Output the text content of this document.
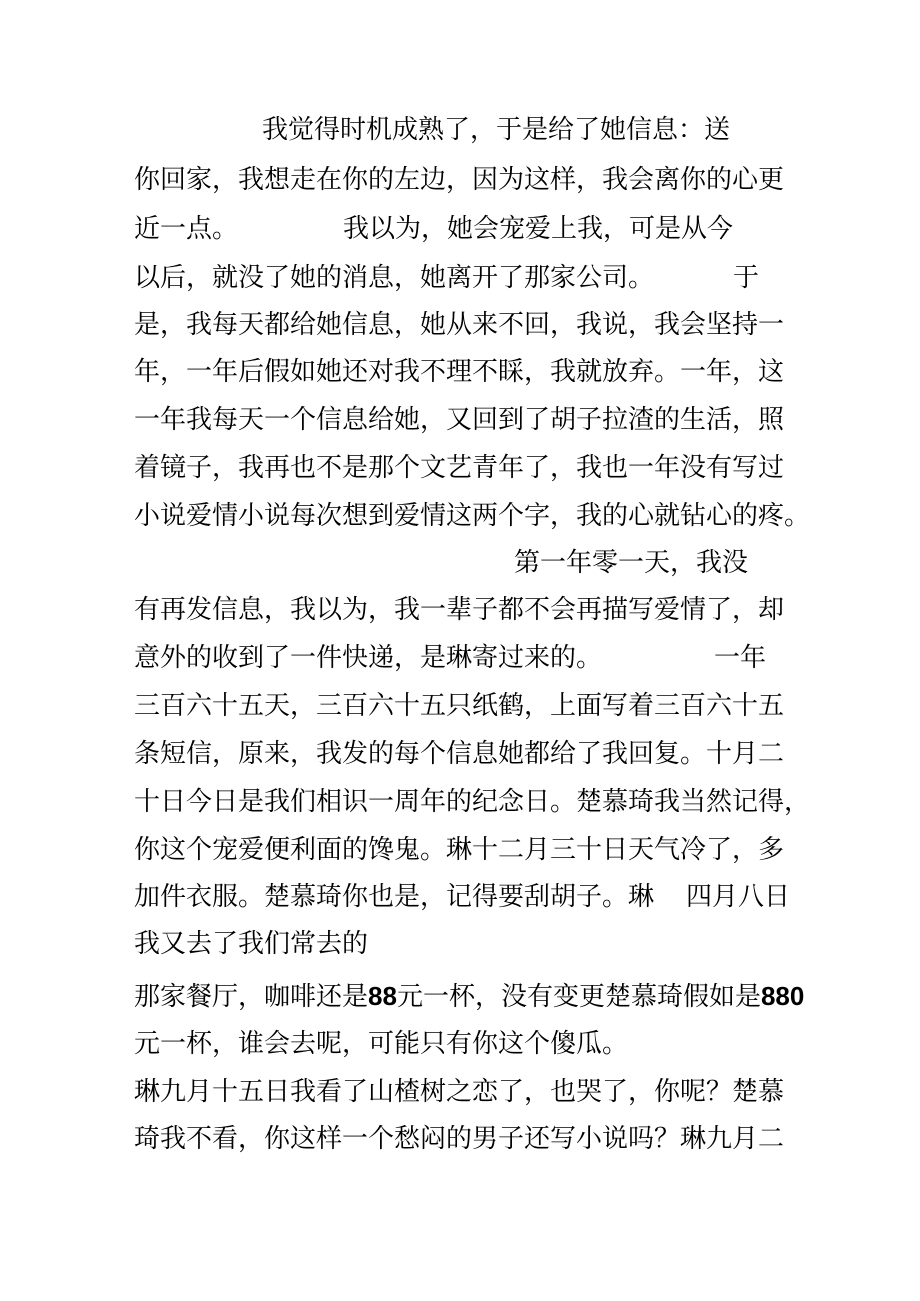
我觉得时机成熟了，于是给了她信息：送
你回家，我想走在你的左边，因为这样，我会离你的心更
近一点。	我以为，她会宠爱上我，可是从今
以后，就没了她的消息，她离开了那家公司。	于
是，我每天都给她信息，她从来不回，我说，我会坚持一
年，一年后假如她还对我不理不睬，我就放弃。一年，这
一年我每天一个信息给她，又回到了胡子拉渣的生活，照
着镜子，我再也不是那个文艺青年了，我也一年没有写过
小说爱情小说每次想到爱情这两个字，我的心就钻心的疼。
第一年零一天，我没
有再发信息，我以为，我一辈子都不会再描写爱情了，却
意外的收到了一件快递，是琳寄过来的。	一年
三百六十五天，三百六十五只纸鹤，上面写着三百六十五
条短信，原来，我发的每个信息她都给了我回复。十月二
十日今日是我们相识一周年的纪念日。楚慕琦我当然记得，
你这个宠爱便利面的馋鬼。琳十二月三十日天气冷了，多
加件衣服。楚慕琦你也是，记得要刮胡子。琳 四月八日
我又去了我们常去的
那家餐厅，咖啡还是88元一杯，没有变更楚慕琦假如是880
元一杯，谁会去呢，可能只有你这个傻瓜。
琳九月十五日我看了山楂树之恋了，也哭了，你呢？楚慕
琦我不看，你这样一个愁闷的男子还写小说吗？琳九月二
